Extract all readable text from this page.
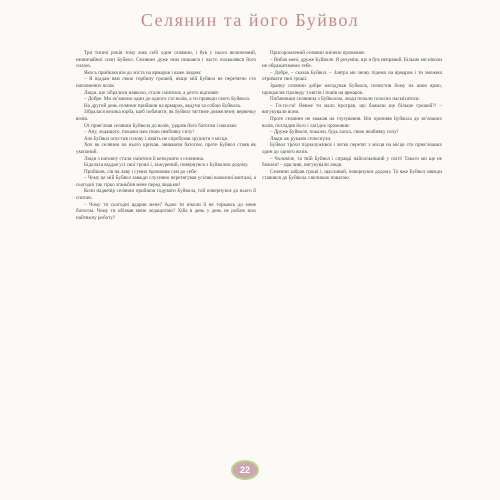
Селянин та його Буйвол

Три тисячі років тому жив собі один селянин, і був у нього величезний, незвичайної сили Буйвол. Селянин дуже ним пишався і часто похвалявся його силою.

Якось прийшов він до міста на ярмарок і каже людям:

– Я віддам вам свою торбину грошей, якщо мій Буйвол не перетягне сто наповнених возів.

Люди, що зібралися навколо, стали сміятися, а дехто відповів:

– Добре. Ми зв’яжемо один до одного сто возів, а ти приведи свого Буйвола.

На другий день селянин прийшов на ярмарок, ведучи за собою Буйвола.

Зібралася велика юрба, щоб побачити, як Буйвол тягтиме довжелезну вервечку возів.

От прив’язав селянин Буйвола до возів, ударив його батогом і наказав:

– Ану, ледащого, покажи нам свою неабияку силу!

Але Буйвол опустив голову і навіть не спробував зрушити з місця.

Хоч як селянин на нього кричав, звиваючи батогом, проте Буйвол стояв як укопаний.

Люди з натовпу стали сміятися й кепкувати з селянина.

Бідолаха віддав усі свої гроші і, зажурений, повернувся з Буйволом додому.

Прийшов, сів на лаву і сумно промовив сам до себе:

– Чому це мій Буйвол завжди слухняно перетягував усілякі важкезні вантажі, а сьогодні так гірко зганьбив мене перед людьми!

Коли надвечір селянин прийшов годувати Буйвола, той повернувся до нього й спитав:

– Чому ти сьогодні вдарив мене? Адже ти ніколи й не торкавсь до мене батогом. Чому ти обізвав мене ледащогою? Хіба я день у день не роблю всю найтяжчу роботу?

Присоромлений селянин знічено промовив:

– Вибач мені, друже Буйволе. Я розумію, що я був неправий. Більше ми ніколи не ображатимемо тебе.

– Добре, – сказав Буйвол. – Завтра ми знову підемо на ярмарок і ти зможеш отримати свої гроші.

Зранку селянин добре нагодував Буйвола, почистив йому на шию ярмо, прикрасив гірлянду з квітів і повів на ярмарок.

Побачивши селянина з Буйволом, люди почали голосно насміхатися:

– Ги-ги-ги! Невже ти мало програв, що бажаєш ще більше грошей?! – вигукували вони.

Проте селянин не зважав на глузування. Він припняв Буйвола до зв’язаних возів, погладив його і лагідно промовив:

– Друже Буйволе, покажи, будь ласка, свою неабияку силу!

Люди аж руками сплеснули.

Буйвол трохи підналужився і легко перетяг з місця на місце сто прив’язаних один до одного возів.

– Чоловіче, та твій Буйвол і справді найсильніший у світі! Такого ми ще не бачили! – щасливі, вигукували люди.

Селянин забрав гроші і, щасливий, повернувся додому. То вже Буйвол завжди ставився до Буйвола з великою повагою.

22
